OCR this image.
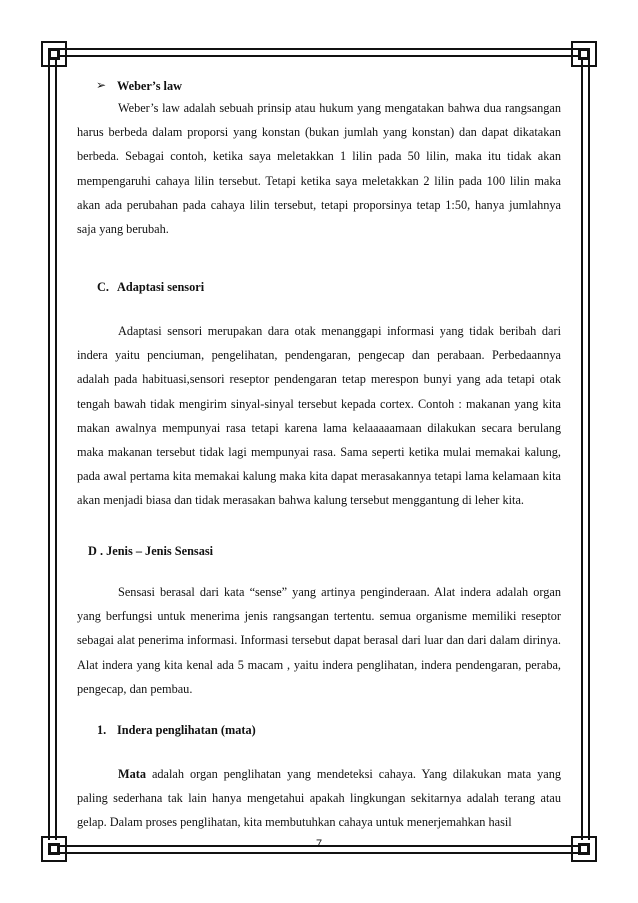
➢ Weber’s law

Weber’s law adalah sebuah prinsip atau hukum yang mengatakan bahwa dua rangsangan harus berbeda dalam proporsi yang konstan (bukan jumlah yang konstan) dan dapat dikatakan berbeda. Sebagai contoh, ketika saya meletakkan 1 lilin pada 50 lilin, maka itu tidak akan mempengaruhi cahaya lilin tersebut. Tetapi ketika saya meletakkan 2 lilin pada 100 lilin maka akan ada perubahan pada cahaya lilin tersebut, tetapi proporsinya tetap 1:50, hanya jumlahnya saja yang berubah.

C. Adaptasi sensori

Adaptasi sensori merupakan dara otak menanggapi informasi yang tidak beribah dari indera yaitu penciuman, pengelihatan, pendengaran, pengecap dan perabaan. Perbedaannya adalah pada habituasi,sensori reseptor pendengaran tetap merespon bunyi yang ada tetapi otak tengah bawah tidak mengirim sinyal-sinyal tersebut kepada cortex. Contoh : makanan yang kita makan awalnya mempunyai rasa tetapi karena lama kelaaaaamaan dilakukan secara berulang maka makanan tersebut tidak lagi mempunyai rasa. Sama seperti ketika mulai memakai kalung, pada awal pertama kita memakai kalung maka kita dapat merasakannya tetapi lama kelamaan kita akan menjadi biasa dan tidak merasakan bahwa kalung tersebut menggantung di leher kita.

D . Jenis – Jenis Sensasi

Sensasi berasal dari kata “sense” yang artinya penginderaan. Alat indera adalah organ yang berfungsi untuk menerima jenis rangsangan tertentu. semua organisme memiliki reseptor sebagai alat penerima informasi. Informasi tersebut dapat berasal dari luar dan dari dalam dirinya. Alat indera yang kita kenal ada 5 macam , yaitu indera penglihatan, indera pendengaran, peraba, pengecap, dan pembau.

1. Indera penglihatan (mata)

Mata adalah organ penglihatan yang mendeteksi cahaya. Yang dilakukan mata yang paling sederhana tak lain hanya mengetahui apakah lingkungan sekitarnya adalah terang atau gelap. Dalam proses penglihatan, kita membutuhkan cahaya untuk menerjemahkan hasil

7
